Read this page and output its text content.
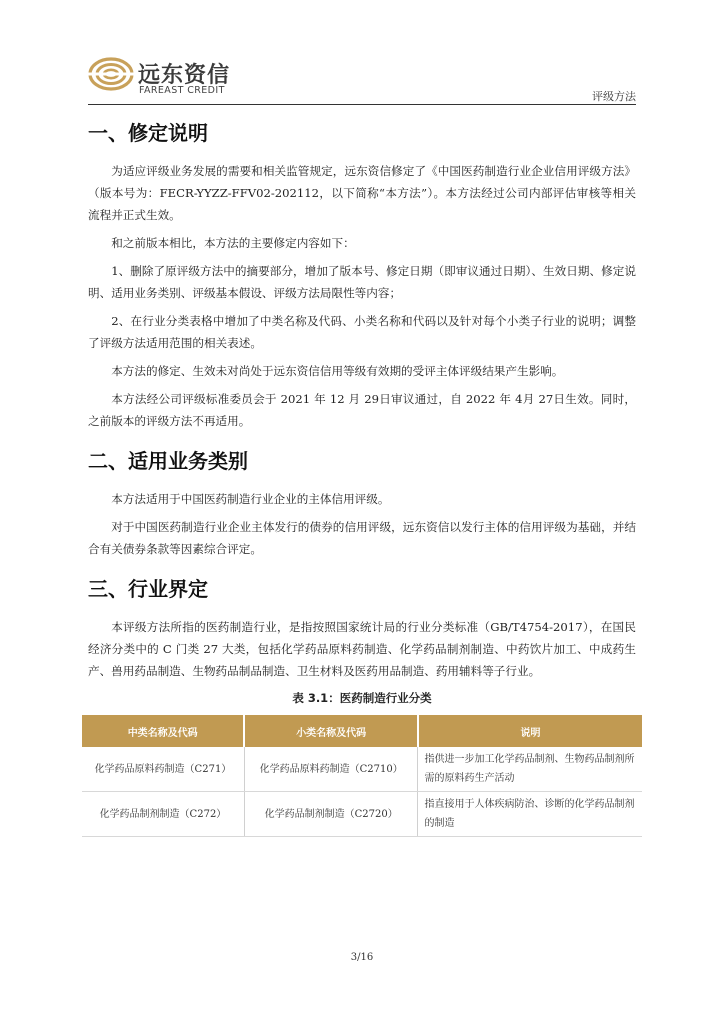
远东资信
FAREAST CREDIT	评级方法
一、修定说明

为适应评级业务发展的需要和相关监管规定，远东资信修定了《中国医药制造行业企业信用评级方法》（版本号为：FECR-YYZZ-FFV02-202112，以下简称“本方法”）。本方法经过公司内部评估审核等相关流程并正式生效。

和之前版本相比，本方法的主要修定内容如下：

1、删除了原评级方法中的摘要部分，增加了版本号、修定日期（即审议通过日期）、生效日期、修定说明、适用业务类别、评级基本假设、评级方法局限性等内容；

2、在行业分类表格中增加了中类名称及代码、小类名称和代码以及针对每个小类子行业的说明；调整了评级方法适用范围的相关表述。

本方法的修定、生效未对尚处于远东资信信用等级有效期的受评主体评级结果产生影响。

本方法经公司评级标准委员会于 2021 年 12 月 29日审议通过，自 2022 年 4月 27日生效。同时，之前版本的评级方法不再适用。

二、适用业务类别

本方法适用于中国医药制造行业企业的主体信用评级。

对于中国医药制造行业企业主体发行的债券的信用评级，远东资信以发行主体的信用评级为基础，并结合有关债券条款等因素综合评定。

三、行业界定

本评级方法所指的医药制造行业，是指按照国家统计局的行业分类标准（GB/T4754-2017），在国民经济分类中的 C 门类 27 大类，包括化学药品原料药制造、化学药品制剂制造、中药饮片加工、中成药生产、兽用药品制造、生物药品制品制造、卫生材料及医药用品制造、药用辅料等子行业。

表 3.1：医药制造行业分类
中类名称及代码	小类名称及代码	说明
化学药品原料药制造（C271）	化学药品原料药制造（C2710）	指供进一步加工化学药品制剂、生物药品制剂所需的原料药生产活动
化学药品制剂制造（C272）	化学药品制剂制造（C2720）	指直接用于人体疾病防治、诊断的化学药品制剂的制造
3/16
